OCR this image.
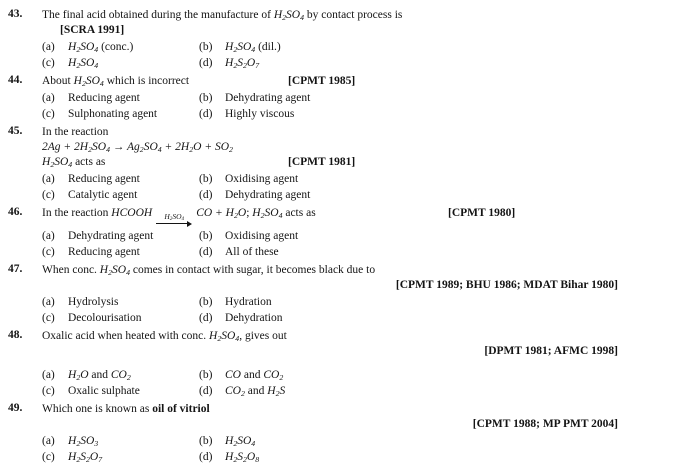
43.	The final acid obtained during the manufacture of $H_2SO_4$ by contact process is
[SCRA 1991]
(a) $H_2SO_4$ (conc.)	(b) $H_2SO_4$ (dil.)
(c) $H_2SO_4$	(d) $H_2S_2O_7$
44.	About $H_2SO_4$ which is incorrect	[CPMT 1985]
(a) Reducing agent	(b) Dehydrating agent
(c) Sulphonating agent	(d) Highly viscous
45.	In the reaction
$2Ag + 2H_2SO_4 \to Ag_2SO_4 + 2H_2O + SO_2$
$H_2SO_4$ acts as	[CPMT 1981]
(a) Reducing agent	(b) Oxidising agent
(c) Catalytic agent	(d) Dehydrating agent
46.	In the reaction HCOOH $H_2SO_4$
CO + $H_2O$; $H_2SO_4$ acts as	[CPMT 1980]
(a) Dehydrating agent	(b) Oxidising agent
(c) Reducing agent	(d) All of these
47.	When conc. $H_2SO_4$ comes in contact with sugar, it becomes black due to
[CPMT 1989; BHU 1986; MDAT Bihar 1980]
(a) Hydrolysis	(b) Hydration
(c) Decolourisation	(d) Dehydration
48.	Oxalic acid when heated with conc. $H_2SO_4$, gives out
[DPMT 1981; AFMC 1998]
(a) $H_2O$ and $CO_2$	(b) CO and $CO_2$
(c) Oxalic sulphate	(d) $CO_2$ and $H_2S$
49.	Which one is known as oil of vitriol
[CPMT 1988; MP PMT 2004]
(a) $H_2SO_3$	(b) $H_2SO_4$
(c) $H_2S_2O_7$	(d) $H_2S_2O_8$
